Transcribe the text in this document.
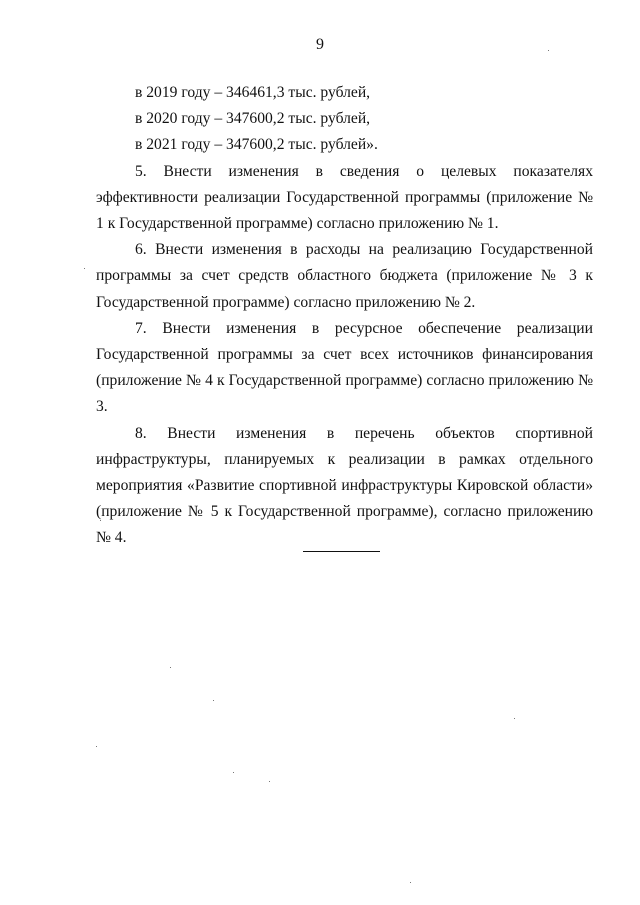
9
в 2019 году – 346461,3 тыс. рублей,
в 2020 году – 347600,2 тыс. рублей,
в 2021 году – 347600,2 тыс. рублей».
5. Внести изменения в сведения о целевых показателях эффективности реализации Государственной программы (приложение № 1 к Государственной программе) согласно приложению № 1.
6. Внести изменения в расходы на реализацию Государственной программы за счет средств областного бюджета (приложение № 3 к Государственной программе) согласно приложению № 2.
7. Внести изменения в ресурсное обеспечение реализации Государственной программы за счет всех источников финансирования (приложение № 4 к Государственной программе) согласно приложению № 3.
8. Внести изменения в перечень объектов спортивной инфраструктуры, планируемых к реализации в рамках отдельного мероприятия «Развитие спортивной инфраструктуры Кировской области» (приложение № 5 к Государственной программе), согласно приложению № 4.
